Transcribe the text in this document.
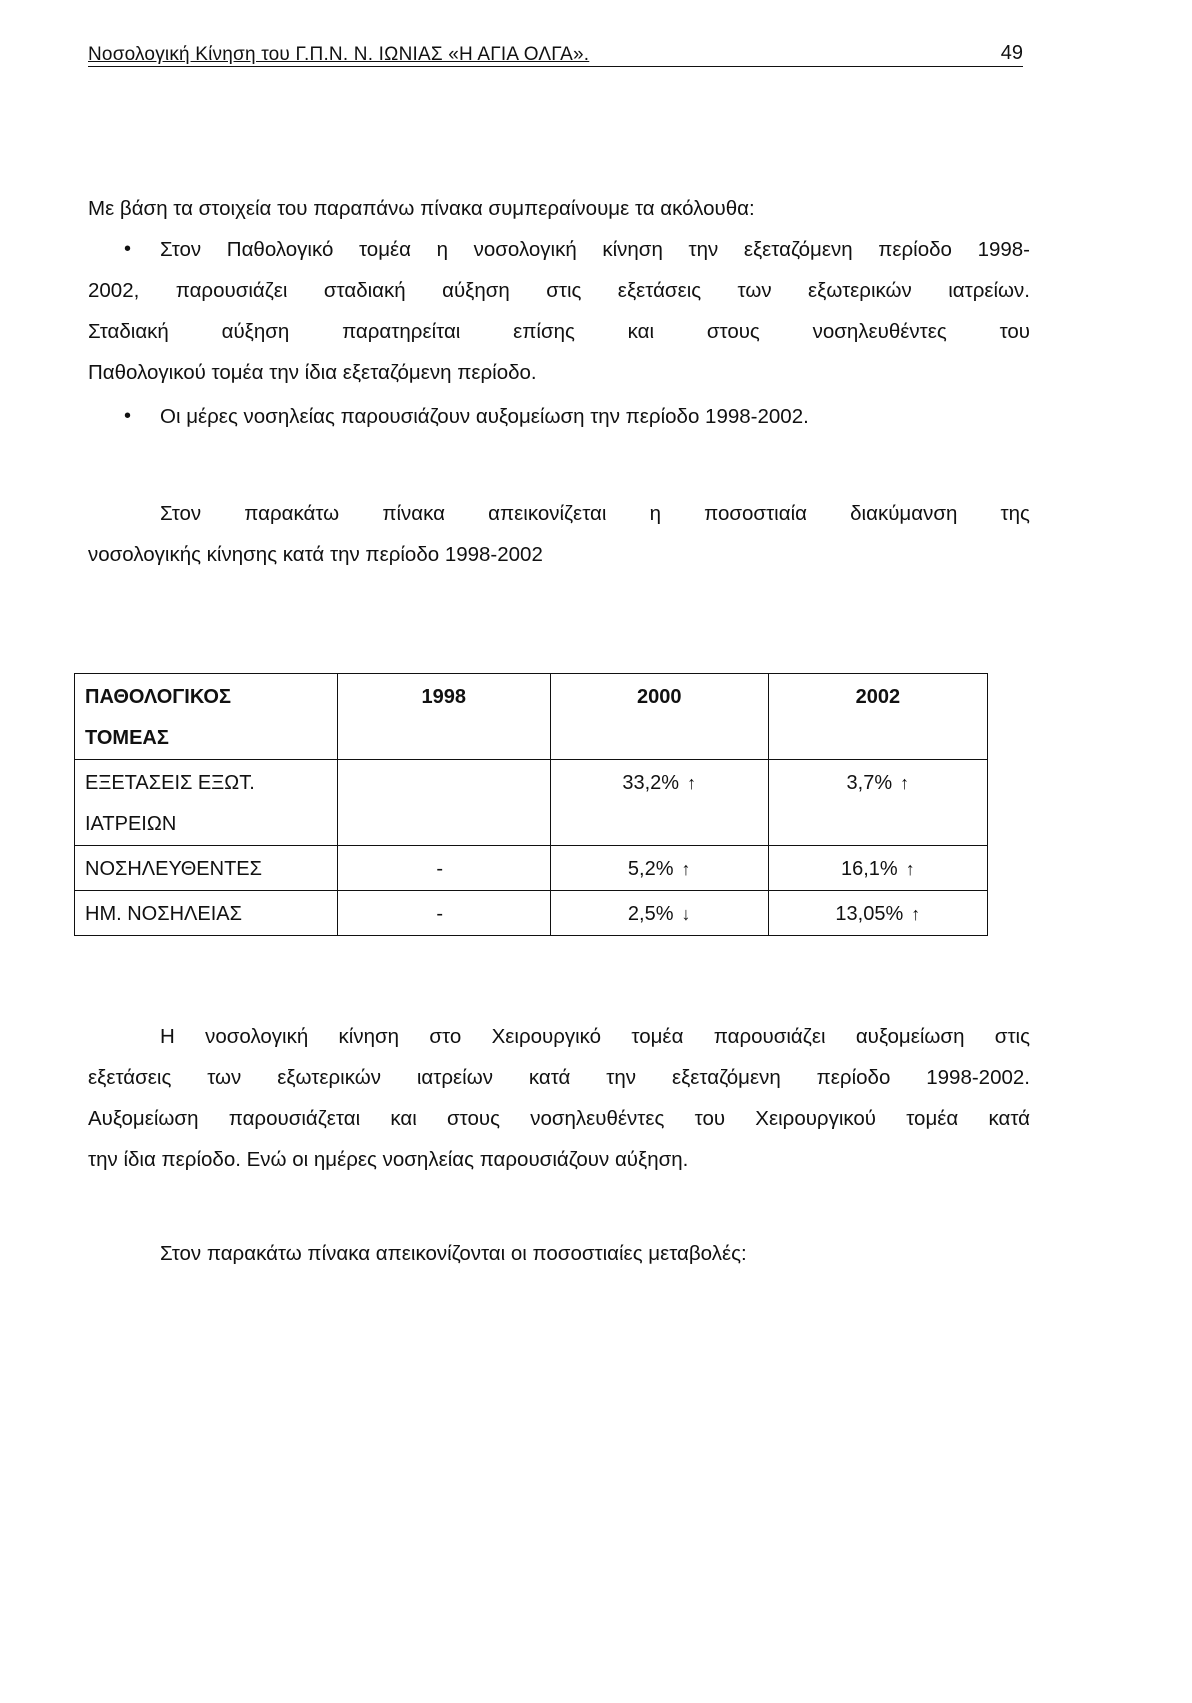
Νοσολογική Κίνηση του Γ.Π.Ν. Ν. ΙΩΝΙΑΣ «Η ΑΓΙΑ ΟΛΓΑ».	49
Με βάση τα στοιχεία του παραπάνω πίνακα συμπεραίνουμε τα ακόλουθα:
• Στον Παθολογικό τομέα η νοσολογική κίνηση την εξεταζόμενη περίοδο 1998-
2002, παρουσιάζει σταδιακή αύξηση στις εξετάσεις των εξωτερικών ιατρείων.
Σταδιακή αύξηση παρατηρείται επίσης και στους νοσηλευθέντες του
Παθολογικού τομέα την ίδια εξεταζόμενη περίοδο.
• Οι μέρες νοσηλείας παρουσιάζουν αυξομείωση την περίοδο 1998-2002.
Στον παρακάτω πίνακα απεικονίζεται η ποσοστιαία διακύμανση της
νοσολογικής κίνησης κατά την περίοδο 1998-2002
ΠΑΘΟΛΟΓΙΚΟΣ
ΤΟΜΕΑΣ	1998	2000	2002

ΕΞΕΤΑΣΕΙΣ ΕΞΩΤ.
ΙΑΤΡΕΙΩΝ		33,2% ↑	3,7% ↑
ΝΟΣΗΛΕΥΘΕΝΤΕΣ	-	5,2% ↑	16,1% ↑
ΗΜ. ΝΟΣΗΛΕΙΑΣ	-	2,5% ↓	13,05% ↑
Η νοσολογική κίνηση στο Χειρουργικό τομέα παρουσιάζει αυξομείωση στις
εξετάσεις των εξωτερικών ιατρείων κατά την εξεταζόμενη περίοδο 1998-2002.
Αυξομείωση παρουσιάζεται και στους νοσηλευθέντες του Χειρουργικού τομέα κατά
την ίδια περίοδο. Ενώ οι ημέρες νοσηλείας παρουσιάζουν αύξηση.
Στον παρακάτω πίνακα απεικονίζονται οι ποσοστιαίες μεταβολές:
